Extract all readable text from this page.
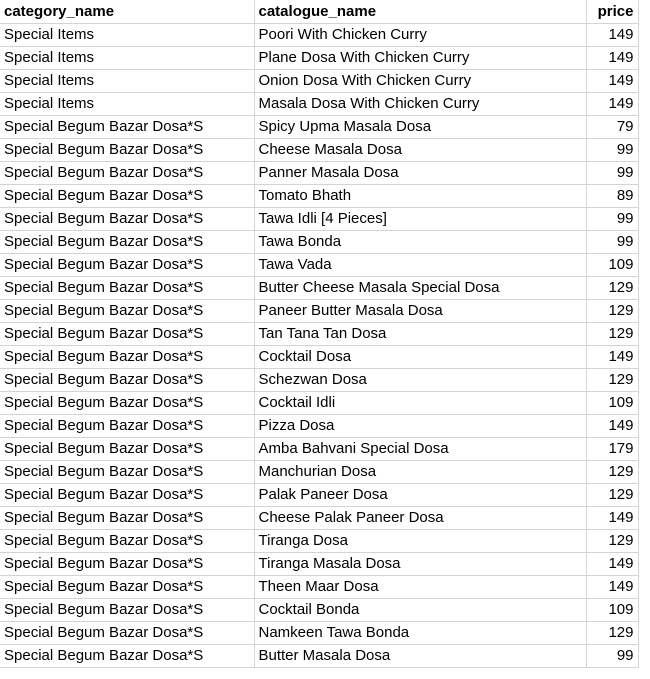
category_name	catalogue_name	price
Special Items	Poori With Chicken Curry	149
Special Items	Plane Dosa With Chicken Curry	149
Special Items	Onion Dosa With Chicken Curry	149
Special Items	Masala Dosa With Chicken Curry	149
Special Begum Bazar Dosa*S	Spicy Upma Masala Dosa	79
Special Begum Bazar Dosa*S	Cheese Masala Dosa	99
Special Begum Bazar Dosa*S	Panner Masala Dosa	99
Special Begum Bazar Dosa*S	Tomato Bhath	89
Special Begum Bazar Dosa*S	Tawa Idli [4 Pieces]	99
Special Begum Bazar Dosa*S	Tawa Bonda	99
Special Begum Bazar Dosa*S	Tawa Vada	109
Special Begum Bazar Dosa*S	Butter Cheese Masala Special Dosa	129
Special Begum Bazar Dosa*S	Paneer Butter Masala Dosa	129
Special Begum Bazar Dosa*S	Tan Tana Tan Dosa	129
Special Begum Bazar Dosa*S	Cocktail Dosa	149
Special Begum Bazar Dosa*S	Schezwan Dosa	129
Special Begum Bazar Dosa*S	Cocktail Idli	109
Special Begum Bazar Dosa*S	Pizza Dosa	149
Special Begum Bazar Dosa*S	Amba Bahvani Special Dosa	179
Special Begum Bazar Dosa*S	Manchurian Dosa	129
Special Begum Bazar Dosa*S	Palak Paneer Dosa	129
Special Begum Bazar Dosa*S	Cheese Palak Paneer Dosa	149
Special Begum Bazar Dosa*S	Tiranga Dosa	129
Special Begum Bazar Dosa*S	Tiranga Masala Dosa	149
Special Begum Bazar Dosa*S	Theen Maar Dosa	149
Special Begum Bazar Dosa*S	Cocktail Bonda	109
Special Begum Bazar Dosa*S	Namkeen Tawa Bonda	129
Special Begum Bazar Dosa*S	Butter Masala Dosa	99
